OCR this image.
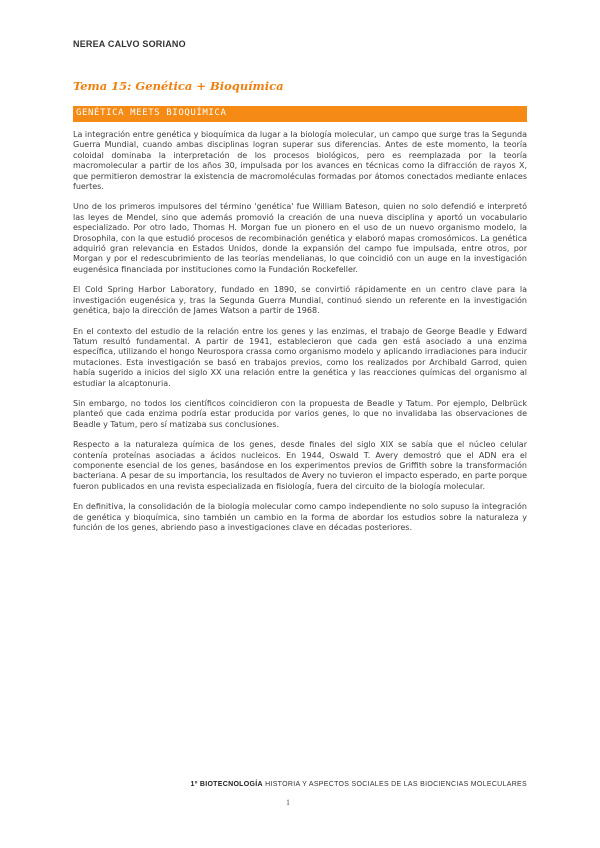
NEREA CALVO SORIANO
Tema 15: Genética + Bioquímica
GENÉTICA MEETS BIOQUÍMICA

La integración entre genética y bioquímica da lugar a la biología molecular, un campo que surge tras la Segunda Guerra Mundial, cuando ambas disciplinas logran superar sus diferencias. Antes de este momento, la teoría coloidal dominaba la interpretación de los procesos biológicos, pero es reemplazada por la teoría macromolecular a partir de los años 30, impulsada por los avances en técnicas como la difracción de rayos X, que permitieron demostrar la existencia de macromoléculas formadas por átomos conectados mediante enlaces fuertes.

Uno de los primeros impulsores del término 'genética' fue William Bateson, quien no solo defendió e interpretó las leyes de Mendel, sino que además promovió la creación de una nueva disciplina y aportó un vocabulario especializado. Por otro lado, Thomas H. Morgan fue un pionero en el uso de un nuevo organismo modelo, la Drosophila, con la que estudió procesos de recombinación genética y elaboró mapas cromosómicos. La genética adquirió gran relevancia en Estados Unidos, donde la expansión del campo fue impulsada, entre otros, por Morgan y por el redescubrimiento de las teorías mendelianas, lo que coincidió con un auge en la investigación eugenésica financiada por instituciones como la Fundación Rockefeller.

El Cold Spring Harbor Laboratory, fundado en 1890, se convirtió rápidamente en un centro clave para la investigación eugenésica y, tras la Segunda Guerra Mundial, continuó siendo un referente en la investigación genética, bajo la dirección de James Watson a partir de 1968.

En el contexto del estudio de la relación entre los genes y las enzimas, el trabajo de George Beadle y Edward Tatum resultó fundamental. A partir de 1941, establecieron que cada gen está asociado a una enzima específica, utilizando el hongo Neurospora crassa como organismo modelo y aplicando irradiaciones para inducir mutaciones. Esta investigación se basó en trabajos previos, como los realizados por Archibald Garrod, quien había sugerido a inicios del siglo XX una relación entre la genética y las reacciones químicas del organismo al estudiar la alcaptonuria.

Sin embargo, no todos los científicos coincidieron con la propuesta de Beadle y Tatum. Por ejemplo, Delbrück planteó que cada enzima podría estar producida por varios genes, lo que no invalidaba las observaciones de Beadle y Tatum, pero sí matizaba sus conclusiones.

Respecto a la naturaleza química de los genes, desde finales del siglo XIX se sabía que el núcleo celular contenía proteínas asociadas a ácidos nucleicos. En 1944, Oswald T. Avery demostró que el ADN era el componente esencial de los genes, basándose en los experimentos previos de Griffith sobre la transformación bacteriana. A pesar de su importancia, los resultados de Avery no tuvieron el impacto esperado, en parte porque fueron publicados en una revista especializada en fisiología, fuera del circuito de la biología molecular.

En definitiva, la consolidación de la biología molecular como campo independiente no solo supuso la integración de genética y bioquímica, sino también un cambio en la forma de abordar los estudios sobre la naturaleza y función de los genes, abriendo paso a investigaciones clave en décadas posteriores.

1º BIOTECNOLOGÍA HISTORIA Y ASPECTOS SOCIALES DE LAS BIOCIENCIAS MOLECULARES
1
